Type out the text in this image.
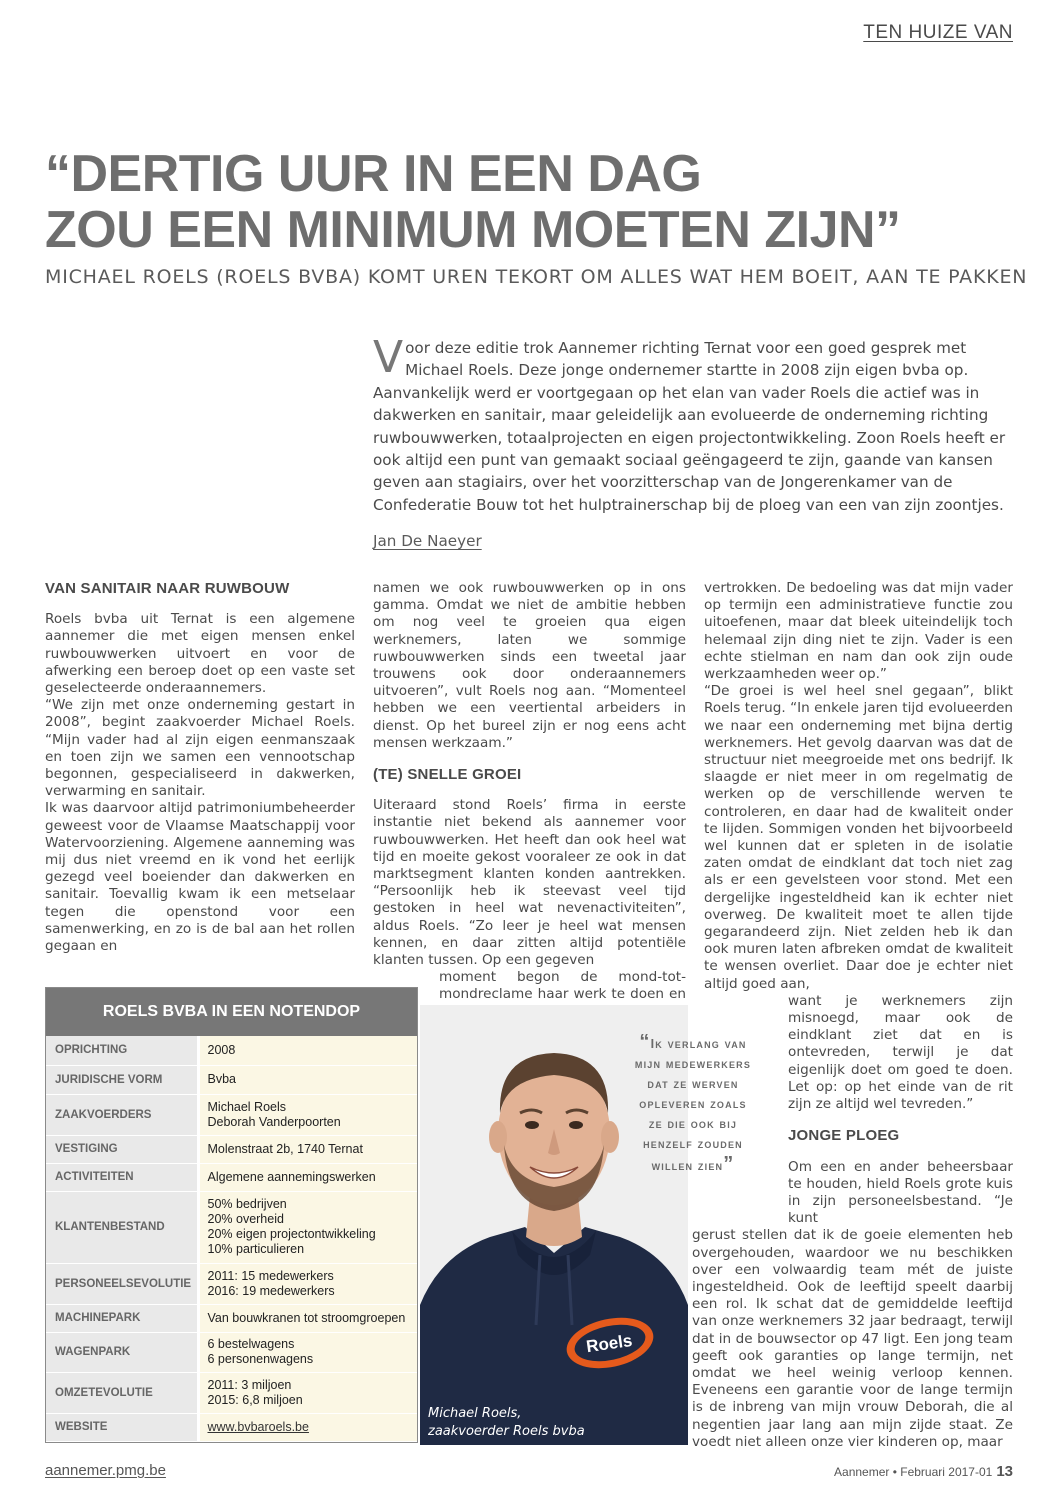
TEN HUIZE VAN
“DERTIG UUR IN EEN DAG
ZOU EEN MINIMUM MOETEN ZIJN”
MICHAEL ROELS (ROELS BVBA) KOMT UREN TEKORT OM ALLES WAT HEM BOEIT, AAN TE PAKKEN
Voor deze editie trok Aannemer richting Ternat voor een goed gesprek met Michael Roels. Deze jonge ondernemer startte in 2008 zijn eigen bvba op. Aanvankelijk werd er voortgegaan op het elan van vader Roels die actief was in dakwerken en sanitair, maar geleidelijk aan evolueerde de onderneming richting ruwbouwwerken, totaalprojecten en eigen projectontwikkeling. Zoon Roels heeft er ook altijd een punt van gemaakt sociaal geëngageerd te zijn, gaande van kansen geven aan stagiairs, over het voorzitterschap van de Jongerenkamer van de Confederatie Bouw tot het hulptrainerschap bij de ploeg van een van zijn zoontjes.
Jan De Naeyer
VAN SANITAIR NAAR RUWBOUW

Roels bvba uit Ternat is een algemene aannemer die met eigen mensen enkel ruwbouwwerken uitvoert en voor de afwerking een beroep doet op een vaste set geselecteerde onderaannemers.

“We zijn met onze onderneming gestart in 2008”, begint zaakvoerder Michael Roels. “Mijn vader had al zijn eigen eenmanszaak en toen zijn we samen een vennootschap begonnen, gespecialiseerd in dakwerken, verwarming en sanitair.

Ik was daarvoor altijd patrimoniumbeheerder geweest voor de Vlaamse Maatschappij voor Watervoorziening. Algemene aanneming was mij dus niet vreemd en ik vond het eerlijk gezegd veel boeiender dan dakwerken en sanitair. Toevallig kwam ik een metselaar tegen die openstond voor een samenwerking, en zo is de bal aan het rollen gegaan en

namen we ook ruwbouwwerken op in ons gamma. Omdat we niet de ambitie hebben om nog veel te groeien qua eigen werknemers, laten we sommige ruwbouwwerken sinds een tweetal jaar trouwens ook door onderaannemers uitvoeren”, vult Roels nog aan. “Momenteel hebben we een veertiental arbeiders in dienst. Op het bureel zijn er nog eens acht mensen werkzaam.”

(TE) SNELLE GROEI

Uiteraard stond Roels’ firma in eerste instantie niet bekend als aannemer voor ruwbouwwerken. Het heeft dan ook heel wat tijd en moeite gekost vooraleer ze ook in dat marktsegment klanten konden aantrekken. “Persoonlijk heb ik steevast veel tijd gestoken in heel wat nevenactiviteiten”, aldus Roels. “Zo leer je heel wat mensen kennen, en daar zitten altijd potentiële klanten tussen. Op een gegeven

moment begon de mond-tot-mondreclame haar werk te doen en

vertrokken. De bedoeling was dat mijn vader op termijn een administratieve functie zou uitoefenen, maar dat bleek uiteindelijk toch helemaal zijn ding niet te zijn. Vader is een echte stielman en nam dan ook zijn oude werkzaamheden weer op.”

“De groei is wel heel snel gegaan”, blikt Roels terug. “In enkele jaren tijd evolueerden we naar een onderneming met bijna dertig werknemers. Het gevolg daarvan was dat de structuur niet meegroeide met ons bedrijf. Ik slaagde er niet meer in om regelmatig de werken op de verschillende werven te controleren, en daar had de kwaliteit onder te lijden. Sommigen vonden het bijvoorbeeld wel kunnen dat er spleten in de isolatie zaten omdat de eindklant dat toch niet zag als er een gevelsteen voor stond. Met een dergelijke ingesteldheid kan ik echter niet overweg. De kwaliteit moet te allen tijde gegarandeerd zijn. Niet zelden heb ik dan ook muren laten afbreken omdat de kwaliteit te wensen overliet. Daar doe je echter niet altijd goed aan,

want je werknemers zijn misnoegd, maar ook de eindklant ziet dat en is ontevreden, terwijl je dat eigenlijk doet om goed te doen. Let op: op het einde van de rit zijn ze altijd wel tevreden.”

JONGE PLOEG

Om een en ander beheersbaar te houden, hield Roels grote kuis in zijn personeelsbestand. “Je kunt

gerust stellen dat ik de goeie elementen heb overgehouden, waardoor we nu beschikken over een volwaardig team mét de juiste ingesteldheid. Ook de leeftijd speelt daarbij een rol. Ik schat dat de gemiddelde leeftijd van onze werknemers 32 jaar bedraagt, terwijl dat in de bouwsector op 47 ligt. Een jong team geeft ook garanties op lange termijn, net omdat we heel weinig verloop kennen. Eveneens een garantie voor de lange termijn is de inbreng van mijn vrouw Deborah, die al negentien jaar lang aan mijn zijde staat. Ze voedt niet alleen onze vier kinderen op, maar

ROELS BVBA IN EEN NOTENDOP
OPRICHTING	2008

JURIDISCHE VORM	Bvba

ZAAKVOERDERS	Michael Roels
Deborah Vanderpoorten

VESTIGING	Molenstraat 2b, 1740 Ternat

ACTIVITEITEN	Algemene aannemingswerken

KLANTENBESTAND	50% bedrijven
20% overheid
20% eigen projectontwikkeling
10% particulieren

PERSONEELSEVOLUTIE	2011: 15 medewerkers
2016: 19 medewerkers

MACHINEPARK	Van bouwkranen tot stroomgroepen

WAGENPARK	6 bestelwagens
6 personenwagens

OMZETEVOLUTIE	2011: 3 miljoen
2015: 6,8 miljoen

WEBSITE	www.bvbaroels.be
Roels
Michael Roels,
zaakvoerder Roels bvba
“Ik verlang van
mijn medewerkers
dat ze werven
opleveren zoals
ze die ook bij
henzelf zouden
willen zien”
aannemer.pmg.be	Aannemer • Februari 2017-01 13
